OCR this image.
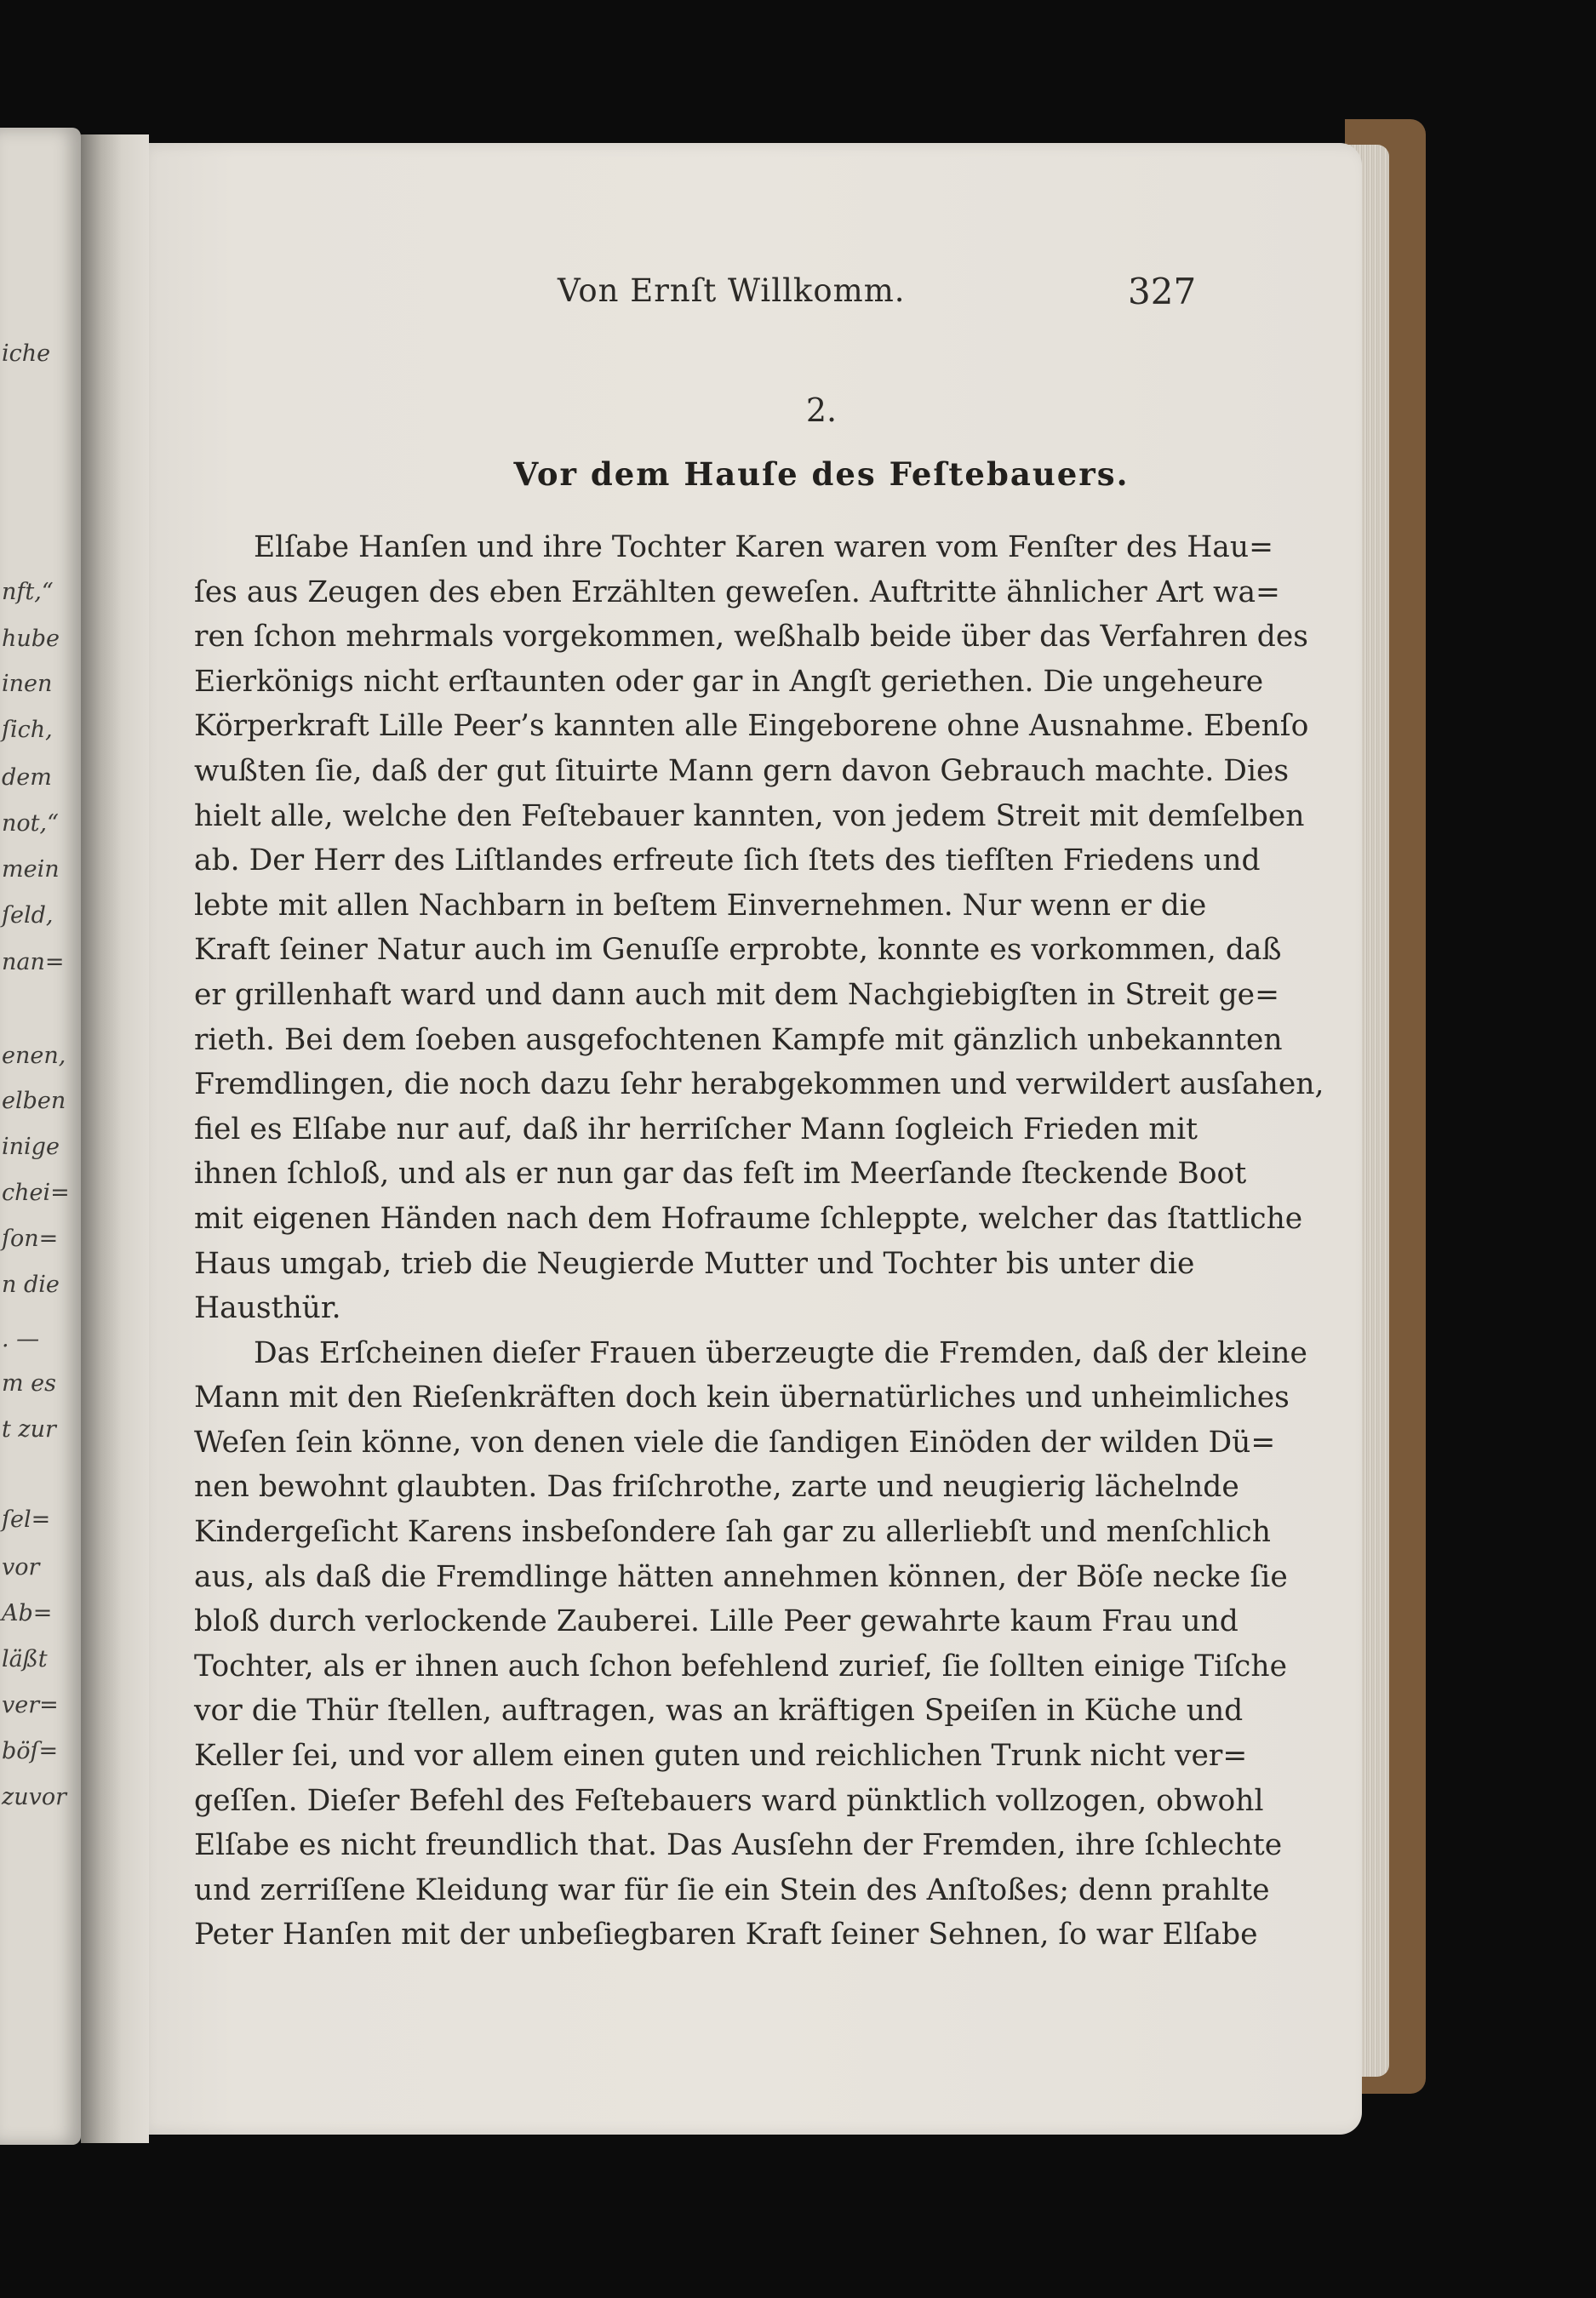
iche
nft,“
hube
inen
ſich,
dem
not,“
mein
ſeld,
nan=
enen,
elben
inige
chei=
ſon=
n die
. —
m es
t zur
ſel=
vor
Ab=
läßt
ver=
böſ=
zuvor
Von Ernſt Willkomm.	327
2.
Vor dem Hauſe des Feſtebauers.
Elſabe Hanſen und ihre Tochter Karen waren vom Fenſter des Hau=
ſes aus Zeugen des eben Erzählten geweſen. Auftritte ähnlicher Art wa=
ren ſchon mehrmals vorgekommen, weßhalb beide über das Verfahren des
Eierkönigs nicht erſtaunten oder gar in Angſt geriethen. Die ungeheure
Körperkraft Lille Peer’s kannten alle Eingeborene ohne Ausnahme. Ebenſo
wußten ſie, daß der gut ſituirte Mann gern davon Gebrauch machte. Dies
hielt alle, welche den Feſtebauer kannten, von jedem Streit mit demſelben
ab. Der Herr des Liſtlandes erfreute ſich ſtets des tiefſten Friedens und
lebte mit allen Nachbarn in beſtem Einvernehmen. Nur wenn er die
Kraft ſeiner Natur auch im Genuſſe erprobte, konnte es vorkommen, daß
er grillenhaft ward und dann auch mit dem Nachgiebigſten in Streit ge=
rieth. Bei dem ſoeben ausgefochtenen Kampfe mit gänzlich unbekannten
Fremdlingen, die noch dazu ſehr herabgekommen und verwildert ausſahen,
fiel es Elſabe nur auf, daß ihr herriſcher Mann ſogleich Frieden mit
ihnen ſchloß, und als er nun gar das feſt im Meerſande ſteckende Boot
mit eigenen Händen nach dem Hofraume ſchleppte, welcher das ſtattliche
Haus umgab, trieb die Neugierde Mutter und Tochter bis unter die
Hausthür.
Das Erſcheinen dieſer Frauen überzeugte die Fremden, daß der kleine
Mann mit den Rieſenkräften doch kein übernatürliches und unheimliches
Weſen ſein könne, von denen viele die ſandigen Einöden der wilden Dü=
nen bewohnt glaubten. Das friſchrothe, zarte und neugierig lächelnde
Kindergeſicht Karens insbeſondere ſah gar zu allerliebſt und menſchlich
aus, als daß die Fremdlinge hätten annehmen können, der Böſe necke ſie
bloß durch verlockende Zauberei. Lille Peer gewahrte kaum Frau und
Tochter, als er ihnen auch ſchon befehlend zurief, ſie ſollten einige Tiſche
vor die Thür ſtellen, auftragen, was an kräftigen Speiſen in Küche und
Keller ſei, und vor allem einen guten und reichlichen Trunk nicht ver=
geſſen. Dieſer Befehl des Feſtebauers ward pünktlich vollzogen, obwohl
Elſabe es nicht freundlich that. Das Ausſehn der Fremden, ihre ſchlechte
und zerriſſene Kleidung war für ſie ein Stein des Anſtoßes; denn prahlte
Peter Hanſen mit der unbeſiegbaren Kraft ſeiner Sehnen, ſo war Elſabe
